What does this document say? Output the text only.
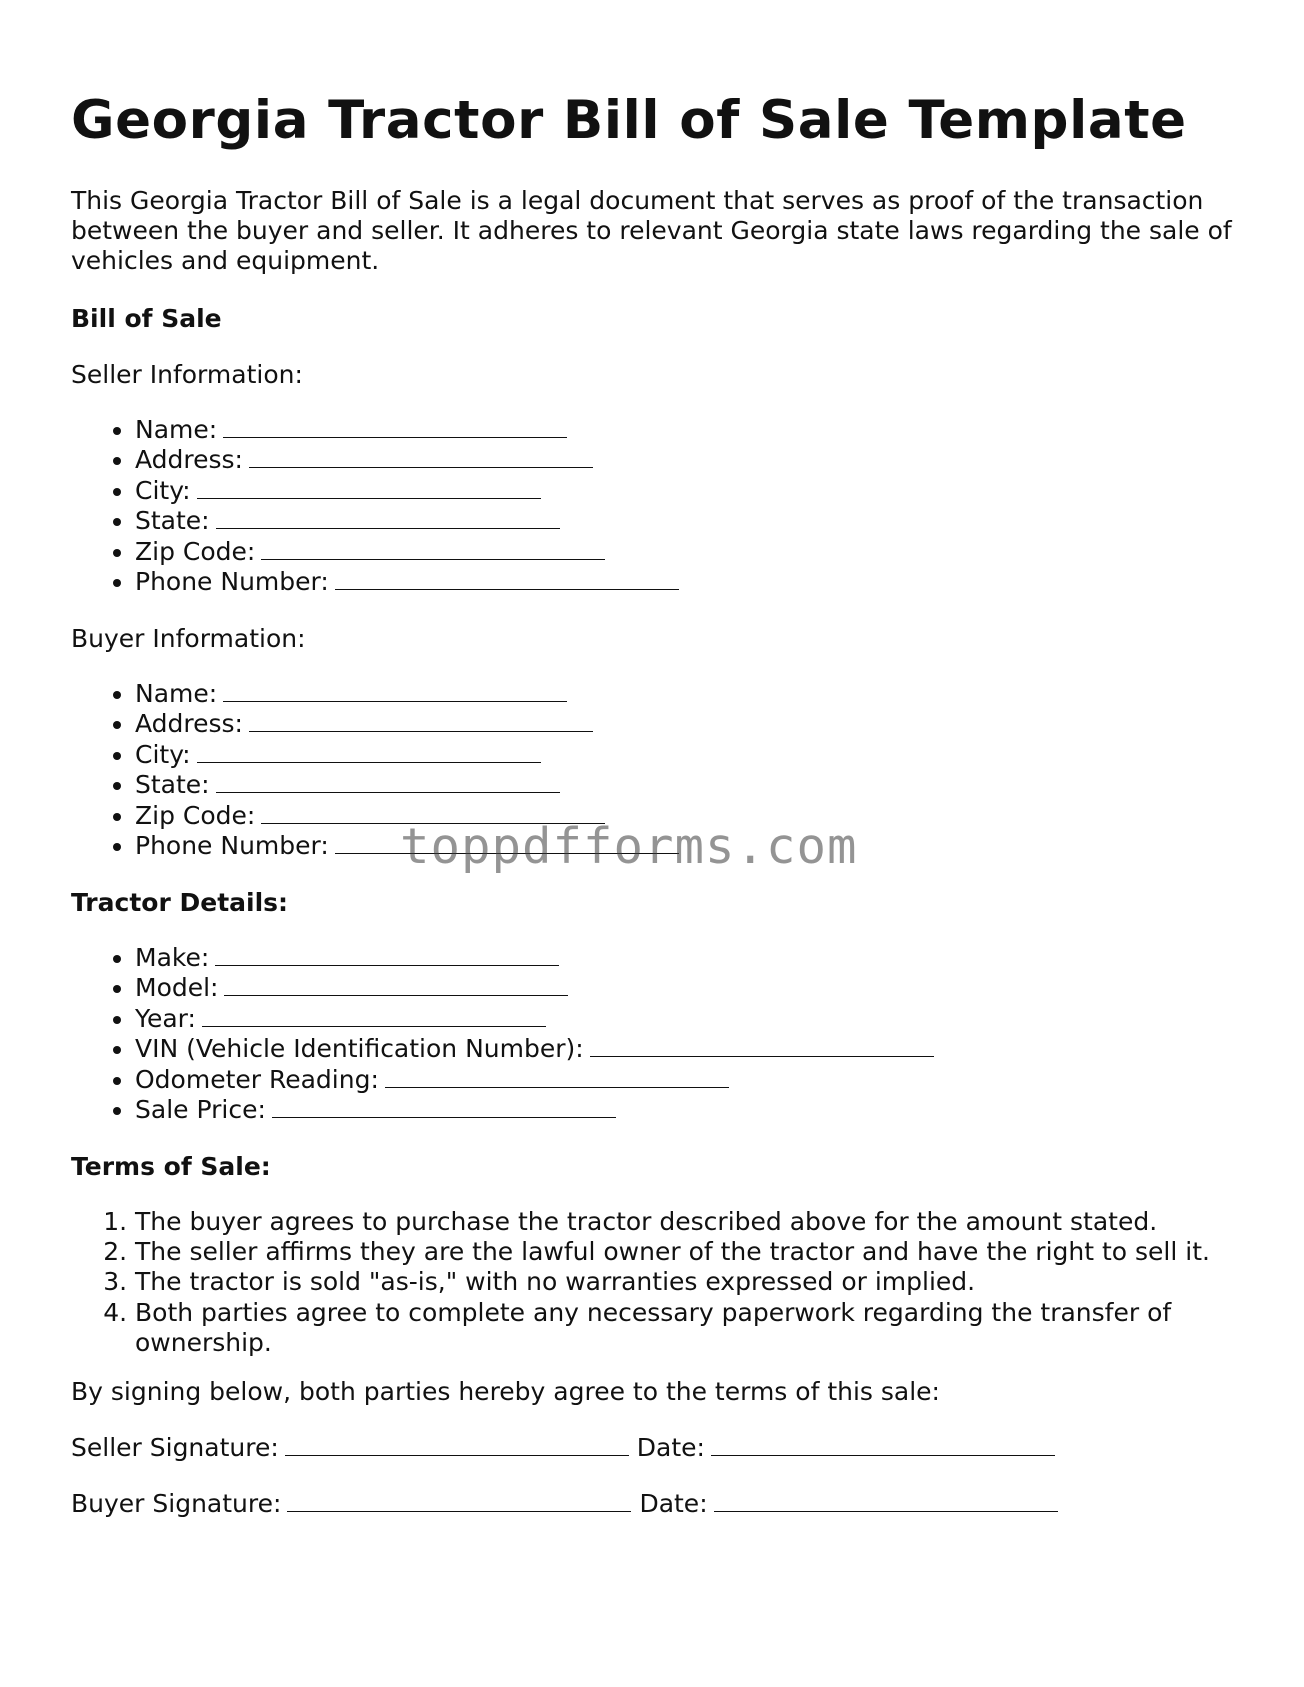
Georgia Tractor Bill of Sale Template

This Georgia Tractor Bill of Sale is a legal document that serves as proof of the transaction between the buyer and seller. It adheres to relevant Georgia state laws regarding the sale of vehicles and equipment.

Bill of Sale

Seller Information:

• Name:
• Address:
• City:
• State:
• Zip Code:
• Phone Number:

Buyer Information:

• Name:
• Address:
• City:
• State:
• Zip Code:
• Phone Number:

Tractor Details:

• Make:
• Model:
• Year:
• VIN (Vehicle Identification Number):
• Odometer Reading:
• Sale Price:

Terms of Sale:

1. The buyer agrees to purchase the tractor described above for the amount stated.
2. The seller affirms they are the lawful owner of the tractor and have the right to sell it.
3. The tractor is sold "as-is," with no warranties expressed or implied.
4. Both parties agree to complete any necessary paperwork regarding the transfer of ownership.

By signing below, both parties hereby agree to the terms of this sale:

Seller Signature:	Date:

Buyer Signature:	Date:

toppdfforms.com
